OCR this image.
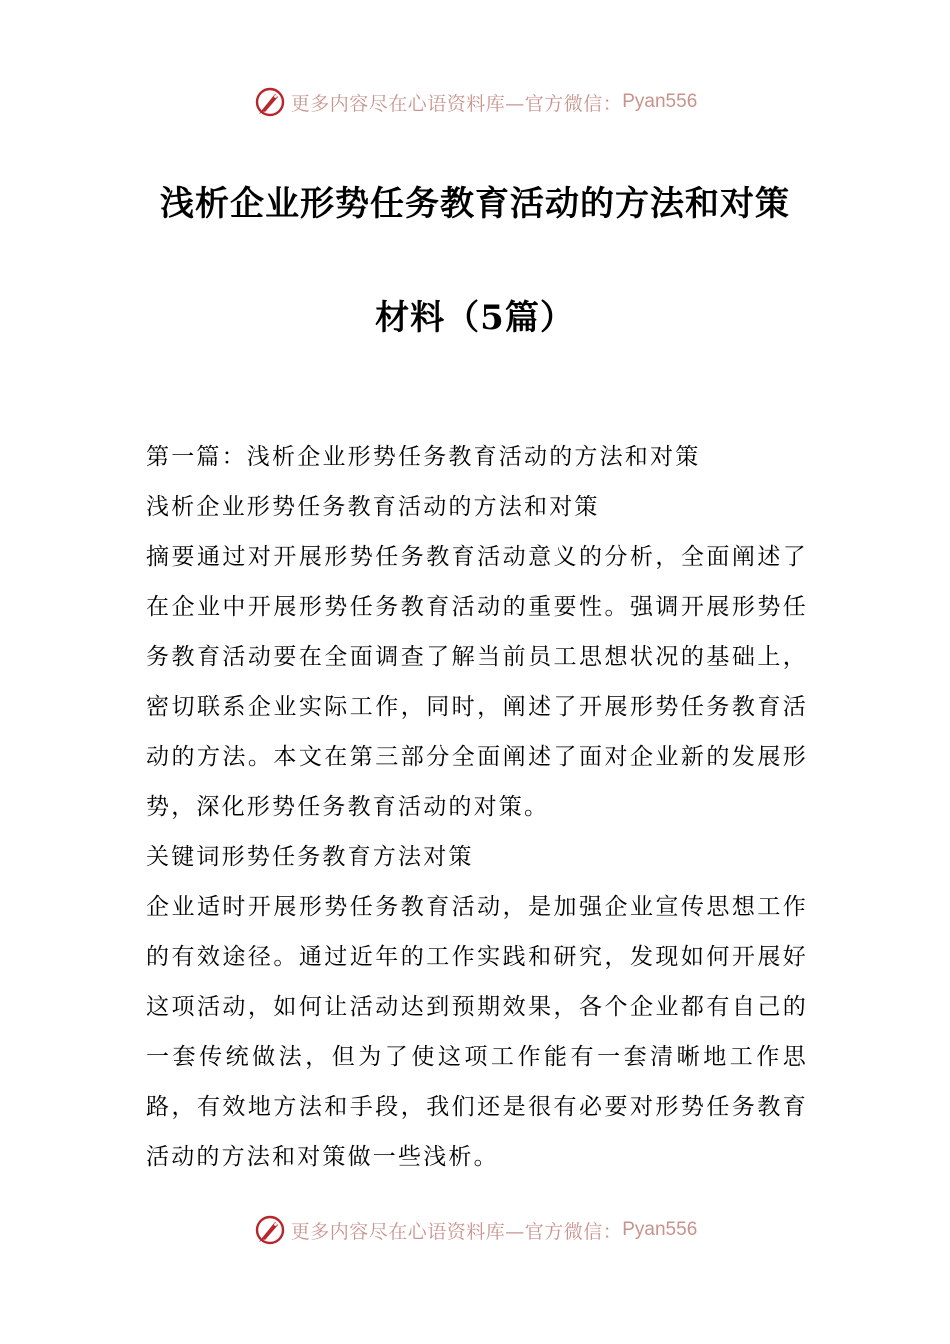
更多内容尽在心语资料库—官方微信： Pyan556
浅析企业形势任务教育活动的方法和对策
材料（5篇）

第一篇：浅析企业形势任务教育活动的方法和对策

浅析企业形势任务教育活动的方法和对策

摘要通过对开展形势任务教育活动意义的分析，全面阐述了在企业中开展形势任务教育活动的重要性。强调开展形势任务教育活动要在全面调查了解当前员工思想状况的基础上，密切联系企业实际工作，同时，阐述了开展形势任务教育活动的方法。本文在第三部分全面阐述了面对企业新的发展形势，深化形势任务教育活动的对策。

关键词形势任务教育方法对策

企业适时开展形势任务教育活动，是加强企业宣传思想工作的有效途径。通过近年的工作实践和研究，发现如何开展好这项活动，如何让活动达到预期效果，各个企业都有自己的一套传统做法，但为了使这项工作能有一套清晰地工作思路，有效地方法和手段，我们还是很有必要对形势任务教育活动的方法和对策做一些浅析。

更多内容尽在心语资料库—官方微信： Pyan556
